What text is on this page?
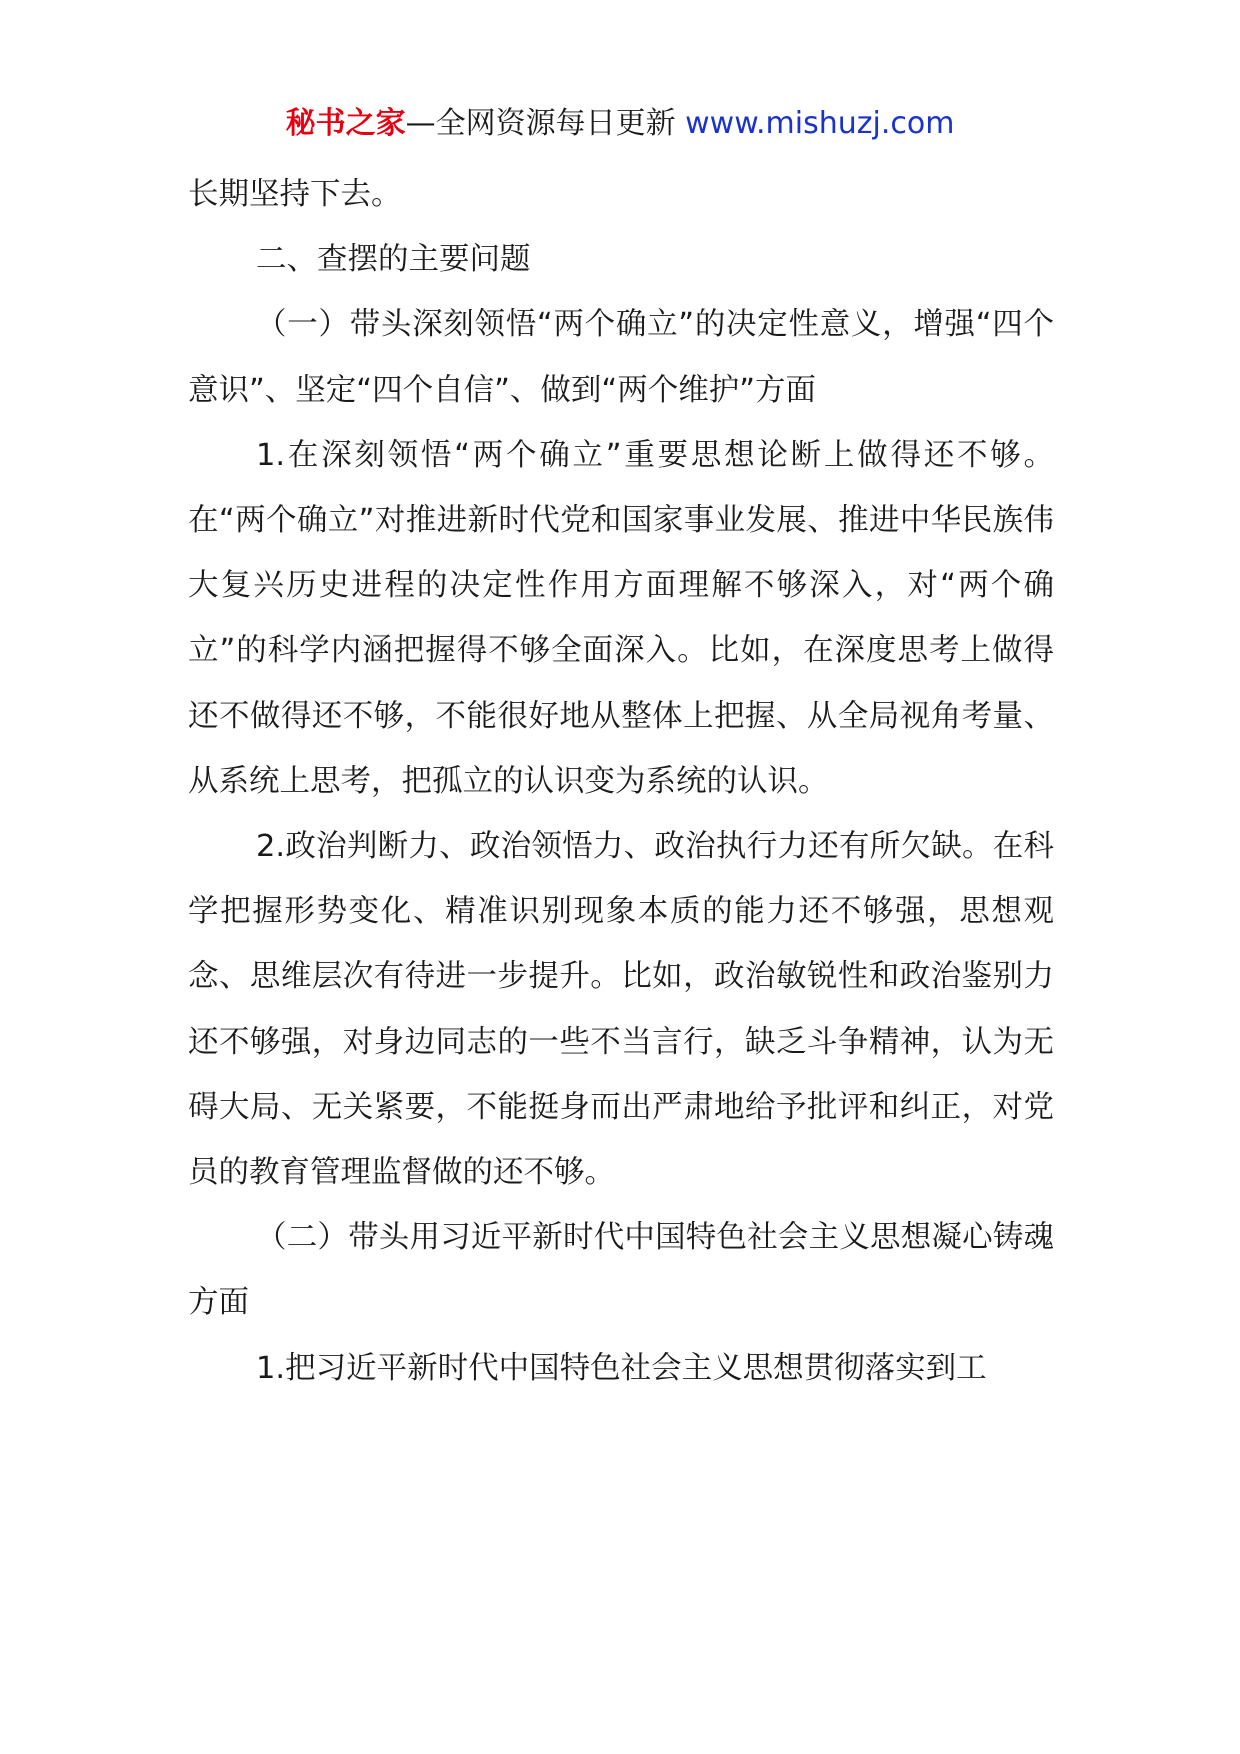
秘书之家—全网资源每日更新 www.mishuzj.com

长期坚持下去。

二、查摆的主要问题

（一）带头深刻领悟“两个确立”的决定性意义，增强“四个意识”、坚定“四个自信”、做到“两个维护”方面

1.在深刻领悟“两个确立”重要思想论断上做得还不够。在“两个确立”对推进新时代党和国家事业发展、推进中华民族伟大复兴历史进程的决定性作用方面理解不够深入，对“两个确立”的科学内涵把握得不够全面深入。比如，在深度思考上做得还不做得还不够，不能很好地从整体上把握、从全局视角考量、从系统上思考，把孤立的认识变为系统的认识。

2.政治判断力、政治领悟力、政治执行力还有所欠缺。在科学把握形势变化、精准识别现象本质的能力还不够强，思想观念、思维层次有待进一步提升。比如，政治敏锐性和政治鉴别力还不够强，对身边同志的一些不当言行，缺乏斗争精神，认为无碍大局、无关紧要，不能挺身而出严肃地给予批评和纠正，对党员的教育管理监督做的还不够。

（二）带头用习近平新时代中国特色社会主义思想凝心铸魂方面

1.把习近平新时代中国特色社会主义思想贯彻落实到工
